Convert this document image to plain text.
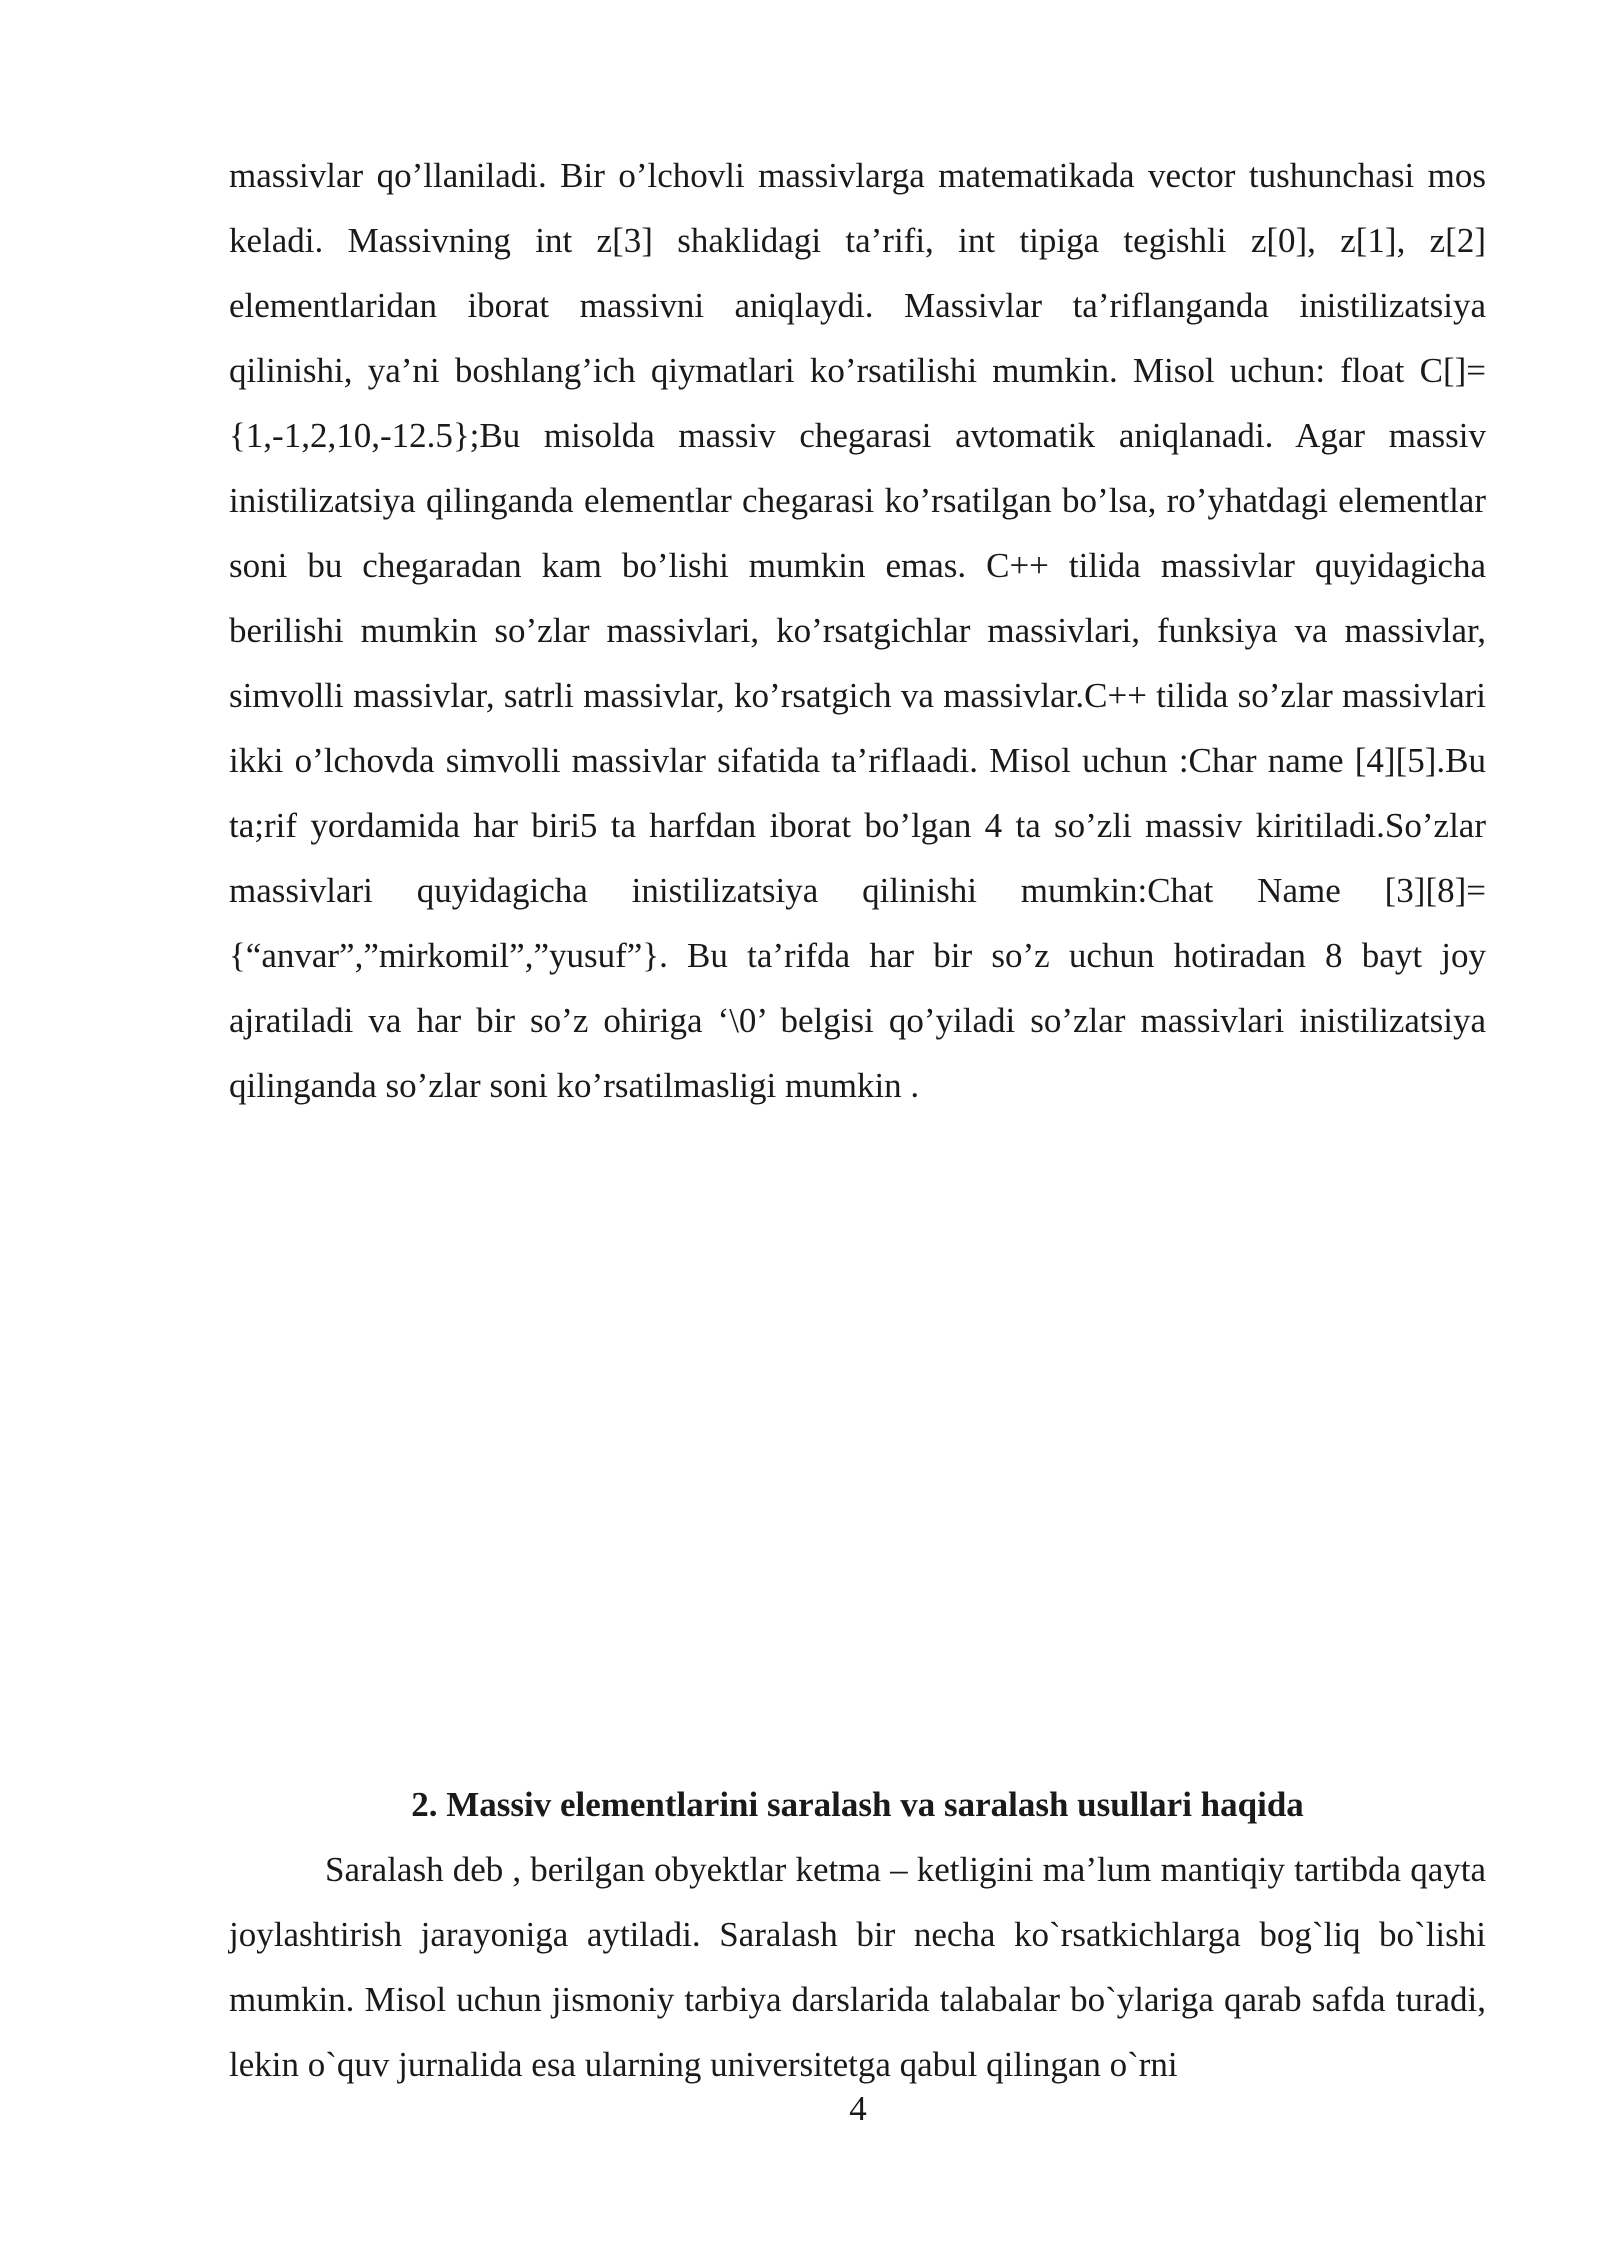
massivlar qo’llaniladi. Bir o’lchovli massivlarga matematikada vector tushunchasi mos keladi. Massivning int z[3] shaklidagi ta’rifi, int tipiga tegishli z[0], z[1], z[2] elementlaridan iborat massivni aniqlaydi. Massivlar ta’riflanganda inistilizatsiya qilinishi, ya’ni boshlang’ich qiymatlari ko’rsatilishi mumkin. Misol uchun: float C[]={1,-1,2,10,-12.5};Bu misolda massiv chegarasi avtomatik aniqlanadi. Agar massiv inistilizatsiya qilinganda elementlar chegarasi ko’rsatilgan bo’lsa, ro’yhatdagi elementlar soni bu chegaradan kam bo’lishi mumkin emas. C++ tilida massivlar quyidagicha berilishi mumkin so’zlar massivlari, ko’rsatgichlar massivlari, funksiya va massivlar, simvolli massivlar, satrli massivlar, ko’rsatgich va massivlar.C++ tilida so’zlar massivlari ikki o’lchovda simvolli massivlar sifatida ta’riflaadi. Misol uchun :Char name [4][5].Bu ta;rif yordamida har biri5 ta harfdan iborat bo’lgan 4 ta so’zli massiv kiritiladi.So’zlar massivlari quyidagicha inistilizatsiya qilinishi mumkin:Chat Name [3][8]={“anvar”,”mirkomil”,”yusuf”}. Bu ta’rifda har bir so’z uchun hotiradan 8 bayt joy ajratiladi va har bir so’z ohiriga ‘\0’ belgisi qo’yiladi so’zlar massivlari inistilizatsiya qilinganda so’zlar soni ko’rsatilmasligi mumkin .

2. Massiv elementlarini saralash va saralash usullari haqida

Saralash deb , berilgan obyektlar ketma – ketligini ma’lum mantiqiy tartibda qayta joylashtirish jarayoniga aytiladi. Saralash bir necha ko`rsatkichlarga bog`liq bo`lishi mumkin. Misol uchun jismoniy tarbiya darslarida talabalar bo`ylariga qarab safda turadi, lekin o`quv jurnalida esa ularning universitetga qabul qilingan o`rni

4
